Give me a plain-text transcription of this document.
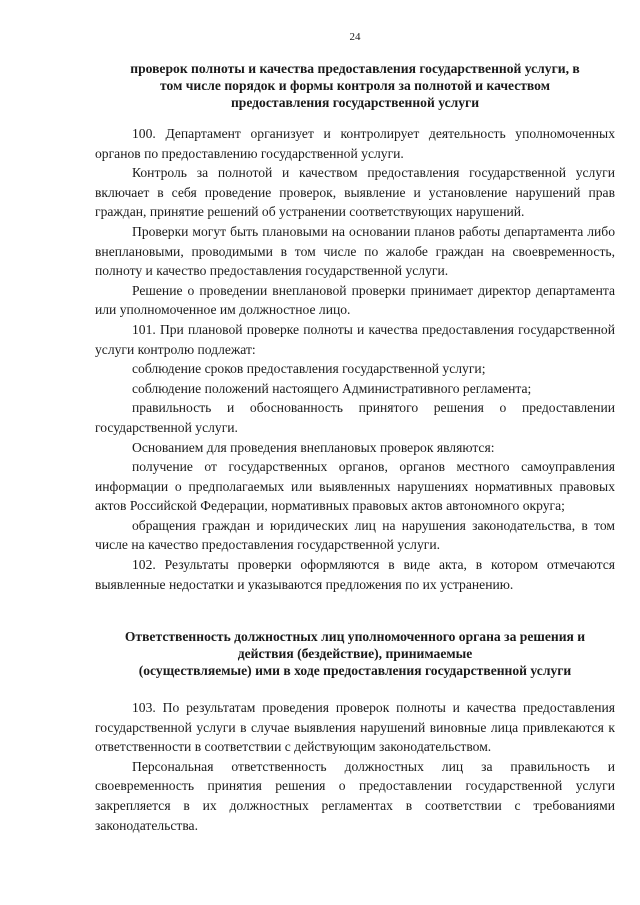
24
проверок полноты и качества предоставления государственной услуги, в
том числе порядок и формы контроля за полнотой и качеством
предоставления государственной услуги

100. Департамент организует и контролирует деятельность уполномоченных органов по предоставлению государственной услуги.

Контроль за полнотой и качеством предоставления государственной услуги включает в себя проведение проверок, выявление и установление нарушений прав граждан, принятие решений об устранении соответствующих нарушений.

Проверки могут быть плановыми на основании планов работы департамента либо внеплановыми, проводимыми в том числе по жалобе граждан на своевременность, полноту и качество предоставления государственной услуги.

Решение о проведении внеплановой проверки принимает директор департамента или уполномоченное им должностное лицо.

101. При плановой проверке полноты и качества предоставления государственной услуги контролю подлежат:

соблюдение сроков предоставления государственной услуги;

соблюдение положений настоящего Административного регламента;

правильность и обоснованность принятого решения о предоставлении государственной услуги.

Основанием для проведения внеплановых проверок являются:

получение от государственных органов, органов местного самоуправления информации о предполагаемых или выявленных нарушениях нормативных правовых актов Российской Федерации, нормативных правовых актов автономного округа;

обращения граждан и юридических лиц на нарушения законодательства, в том числе на качество предоставления государственной услуги.

102. Результаты проверки оформляются в виде акта, в котором отмечаются выявленные недостатки и указываются предложения по их устранению.

Ответственность должностных лиц уполномоченного органа за решения и
действия (бездействие), принимаемые
(осуществляемые) ими в ходе предоставления государственной услуги

103. По результатам проведения проверок полноты и качества предоставления государственной услуги в случае выявления нарушений виновные лица привлекаются к ответственности в соответствии с действующим законодательством.

Персональная ответственность должностных лиц за правильность и своевременность принятия решения о предоставлении государственной услуги закрепляется в их должностных регламентах в соответствии с требованиями законодательства.
